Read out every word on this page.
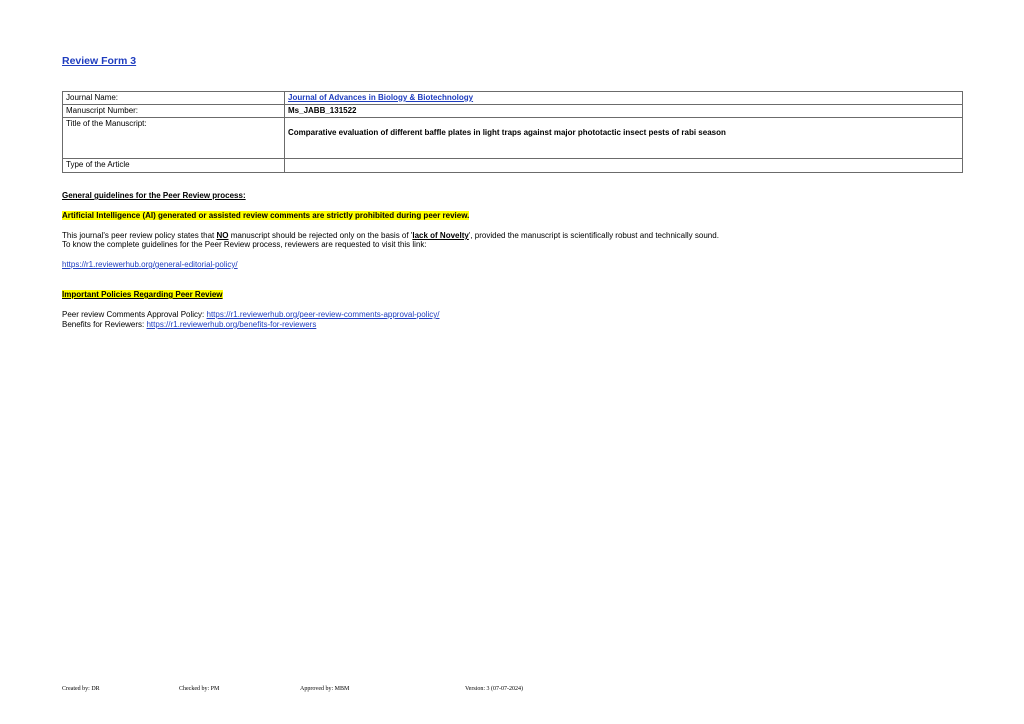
Review Form 3
Journal Name:	Journal of Advances in Biology & Biotechnology
Manuscript Number:	Ms_JABB_131522
Title of the Manuscript:	Comparative evaluation of different baffle plates in light traps against major phototactic insect pests of rabi season
Type of the Article	
General guidelines for the Peer Review process:
Artificial Intelligence (AI) generated or assisted review comments are strictly prohibited during peer review.
This journal's peer review policy states that NO manuscript should be rejected only on the basis of 'lack of Novelty', provided the manuscript is scientifically robust and technically sound.
To know the complete guidelines for the Peer Review process, reviewers are requested to visit this link:
https://r1.reviewerhub.org/general-editorial-policy/
Important Policies Regarding Peer Review
Peer review Comments Approval Policy: https://r1.reviewerhub.org/peer-review-comments-approval-policy/
Benefits for Reviewers: https://r1.reviewerhub.org/benefits-for-reviewers
Created by: DR	Checked by: PM	Approved by: MBM	Version: 3 (07-07-2024)
